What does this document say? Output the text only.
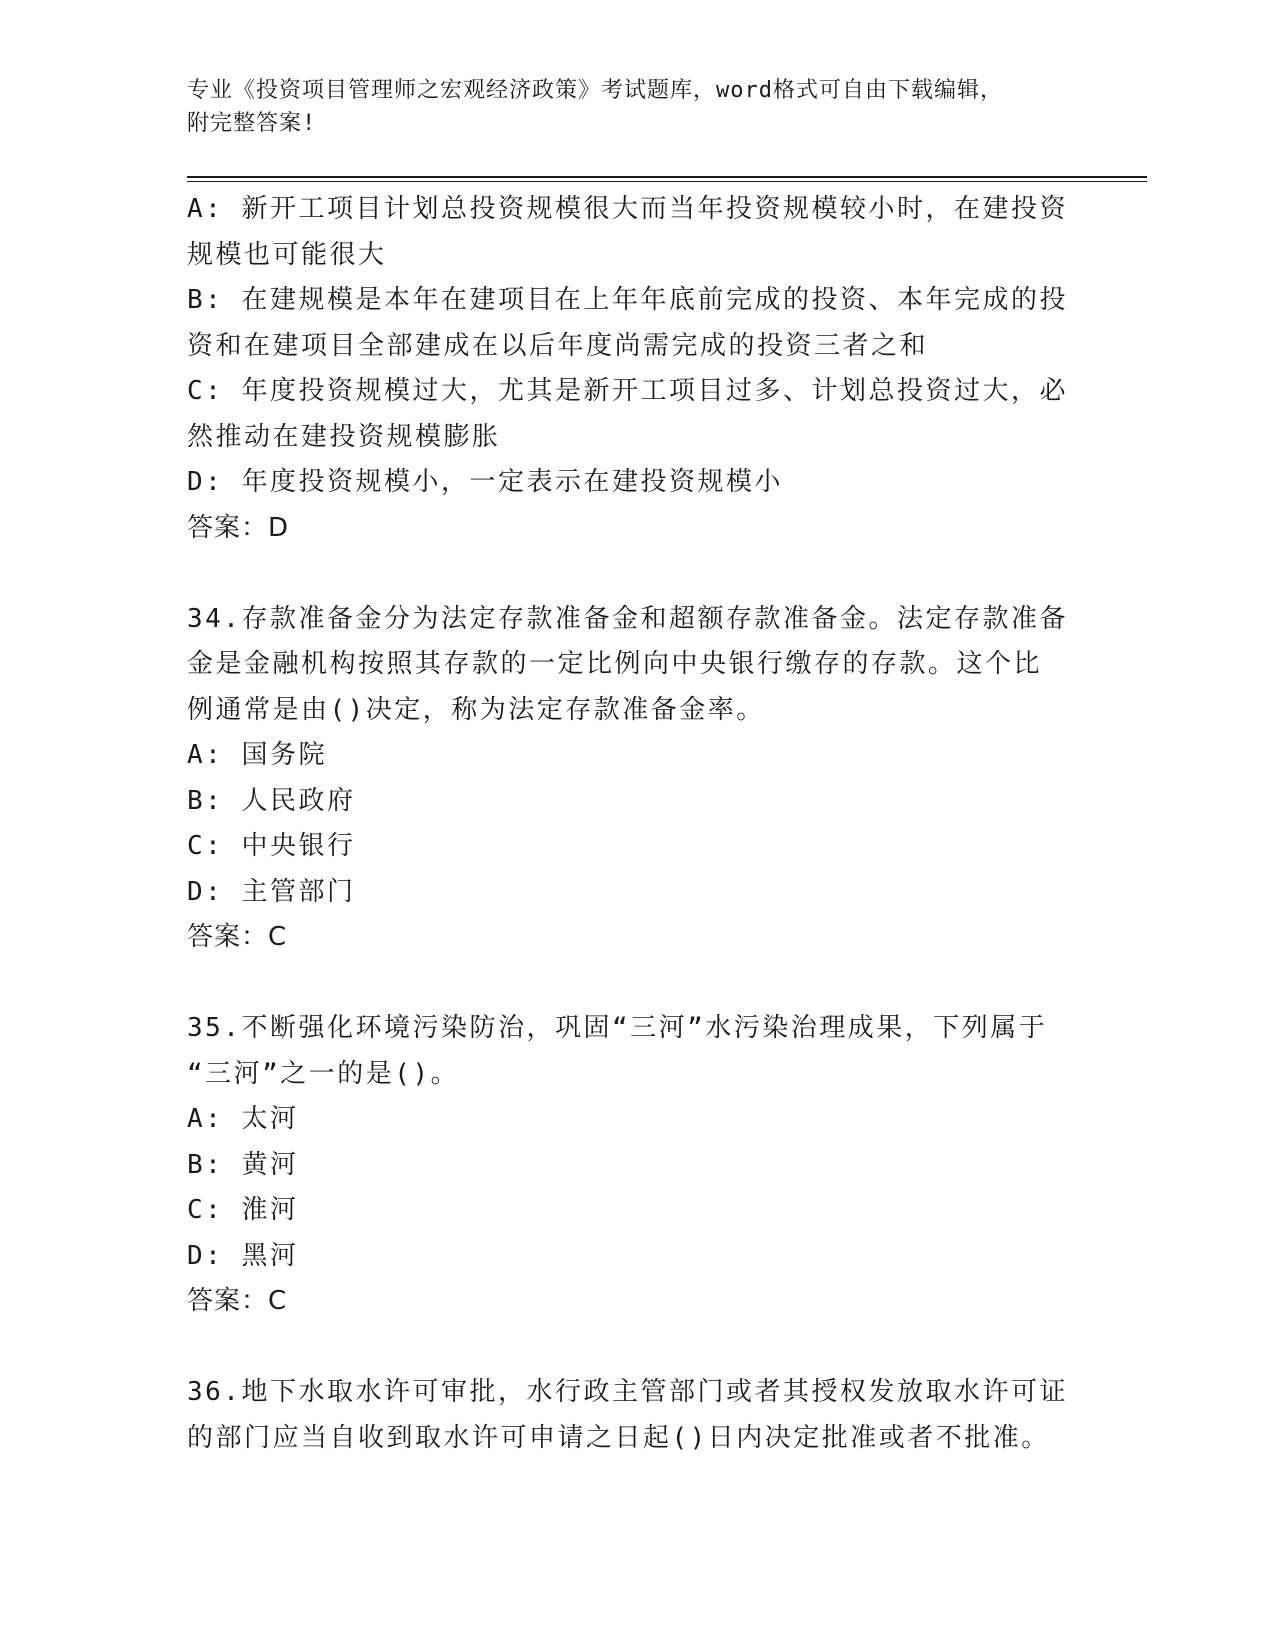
专业《投资项目管理师之宏观经济政策》考试题库，word格式可自由下载编辑，
附完整答案!
A: 新开工项目计划总投资规模很大而当年投资规模较小时，在建投资
规模也可能很大
B: 在建规模是本年在建项目在上年年底前完成的投资、本年完成的投
资和在建项目全部建成在以后年度尚需完成的投资三者之和
C: 年度投资规模过大，尤其是新开工项目过多、计划总投资过大，必
然推动在建投资规模膨胀
D: 年度投资规模小，一定表示在建投资规模小
答案：D
34.存款准备金分为法定存款准备金和超额存款准备金。法定存款准备
金是金融机构按照其存款的一定比例向中央银行缴存的存款。这个比
例通常是由()决定，称为法定存款准备金率。
A: 国务院
B: 人民政府
C: 中央银行
D: 主管部门
答案：C
35.不断强化环境污染防治，巩固“三河”水污染治理成果，下列属于
“三河”之一的是()。
A: 太河
B: 黄河
C: 淮河
D: 黑河
答案：C
36.地下水取水许可审批，水行政主管部门或者其授权发放取水许可证
的部门应当自收到取水许可申请之日起()日内决定批准或者不批准。
